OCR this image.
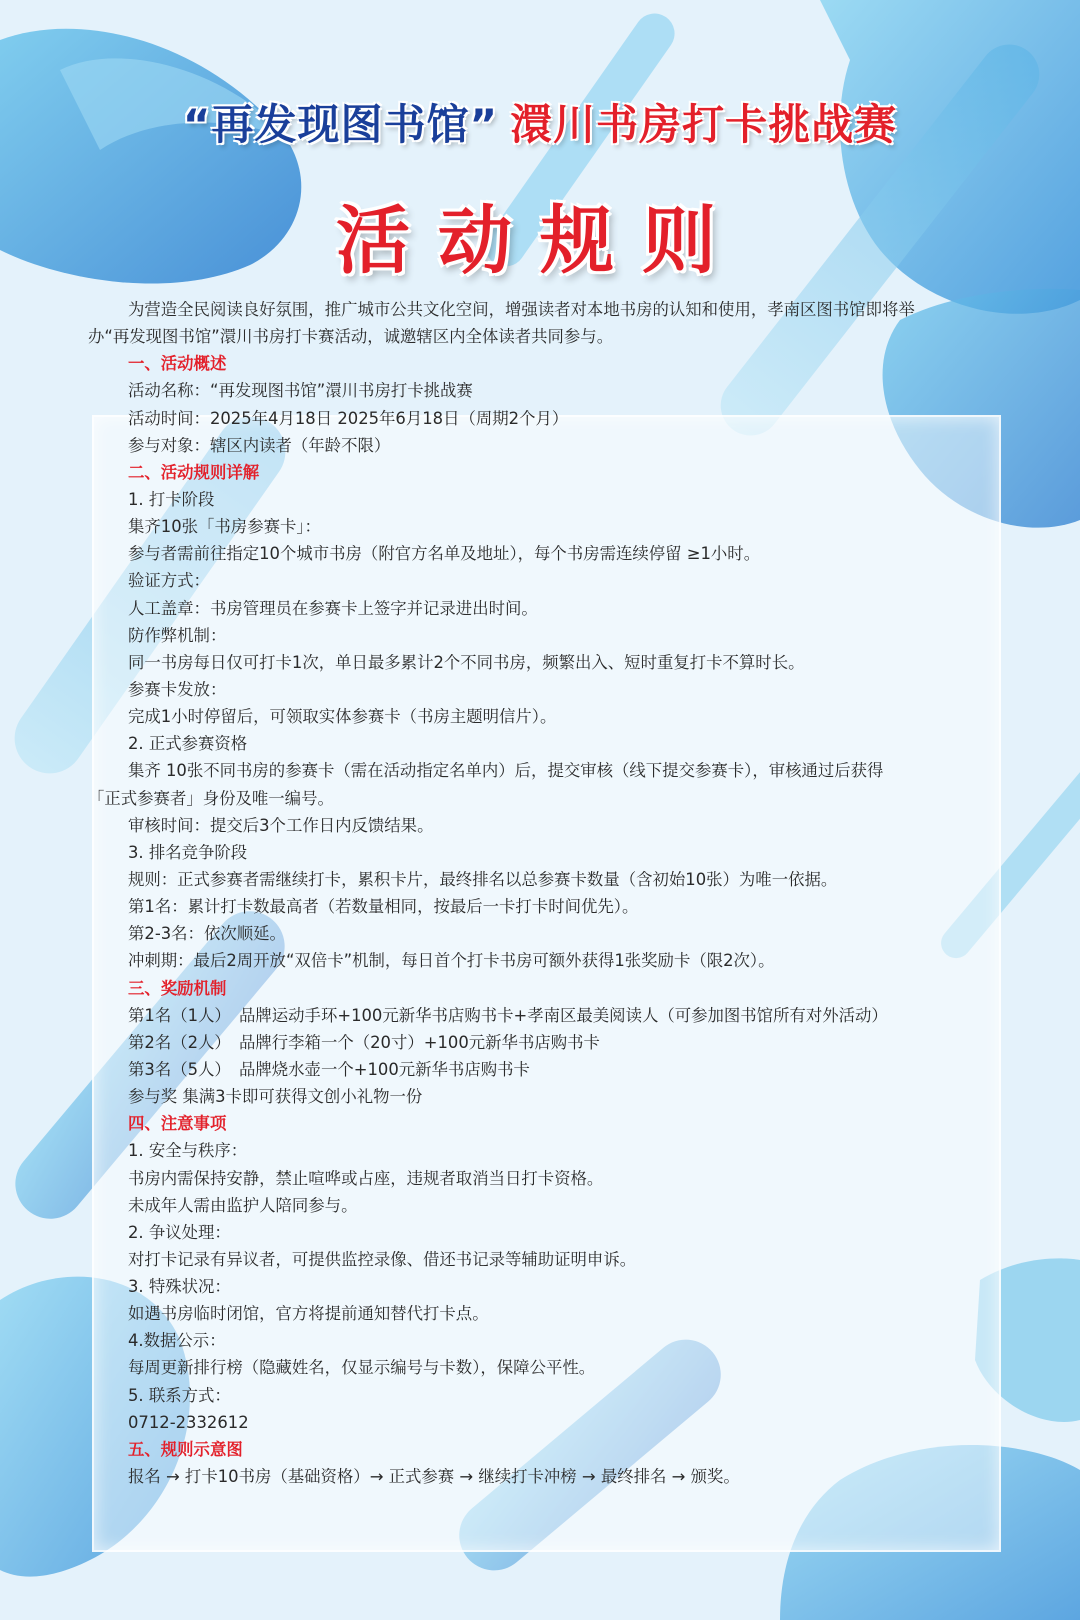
“再发现图书馆” 澴川书房打卡挑战赛
活动规则
为营造全民阅读良好氛围，推广城市公共文化空间，增强读者对本地书房的认知和使用，孝南区图书馆即将举
办“再发现图书馆”澴川书房打卡赛活动，诚邀辖区内全体读者共同参与。
一、活动概述
活动名称：“再发现图书馆”澴川书房打卡挑战赛
活动时间：2025年4月18日 2025年6月18日（周期2个月）
参与对象：辖区内读者（年龄不限）
二、活动规则详解
1. 打卡阶段
集齐10张「书房参赛卡」：
参与者需前往指定10个城市书房（附官方名单及地址），每个书房需连续停留 ≥1小时。
验证方式：
人工盖章：书房管理员在参赛卡上签字并记录进出时间。
防作弊机制：
同一书房每日仅可打卡1次，单日最多累计2个不同书房，频繁出入、短时重复打卡不算时长。
参赛卡发放：
完成1小时停留后，可领取实体参赛卡（书房主题明信片）。
2. 正式参赛资格
集齐 10张不同书房的参赛卡（需在活动指定名单内）后，提交审核（线下提交参赛卡），审核通过后获得
「正式参赛者」身份及唯一编号。
审核时间：提交后3个工作日内反馈结果。
3. 排名竞争阶段
规则：正式参赛者需继续打卡，累积卡片，最终排名以总参赛卡数量（含初始10张）为唯一依据。
第1名：累计打卡数最高者（若数量相同，按最后一卡打卡时间优先）。
第2-3名：依次顺延。
冲刺期：最后2周开放“双倍卡”机制，每日首个打卡书房可额外获得1张奖励卡（限2次）。
三、奖励机制
第1名（1人）　品牌运动手环+100元新华书店购书卡+孝南区最美阅读人（可参加图书馆所有对外活动）
第2名（2人）　品牌行李箱一个（20寸）+100元新华书店购书卡
第3名（5人）　品牌烧水壶一个+100元新华书店购书卡
参与奖 集满3卡即可获得文创小礼物一份
四、注意事项
1. 安全与秩序：
书房内需保持安静，禁止喧哗或占座，违规者取消当日打卡资格。
未成年人需由监护人陪同参与。
2. 争议处理：
对打卡记录有异议者，可提供监控录像、借还书记录等辅助证明申诉。
3. 特殊状况：
如遇书房临时闭馆，官方将提前通知替代打卡点。
4.数据公示：
每周更新排行榜（隐藏姓名，仅显示编号与卡数），保障公平性。
5. 联系方式：
0712-2332612
五、规则示意图
报名 → 打卡10书房（基础资格）→ 正式参赛 → 继续打卡冲榜 → 最终排名 → 颁奖。
